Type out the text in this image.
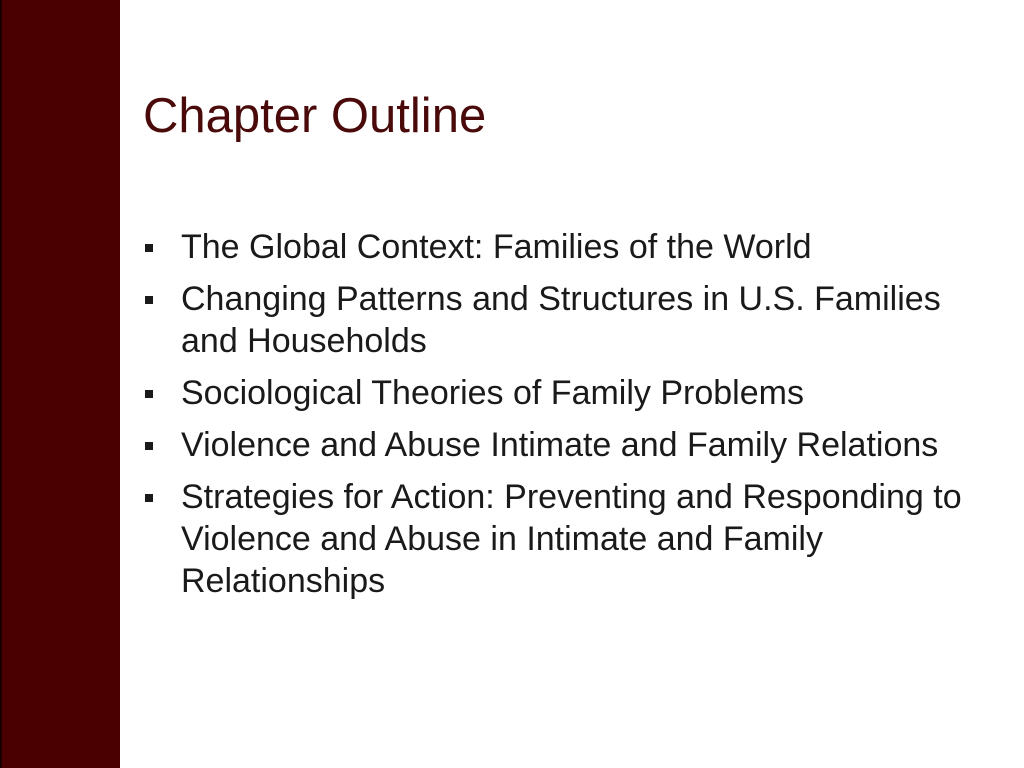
Chapter Outline
The Global Context: Families of the World
Changing Patterns and Structures in U.S. Families and Households
Sociological Theories of Family Problems
Violence and Abuse Intimate and Family Relations
Strategies for Action: Preventing and Responding to Violence and Abuse in Intimate and Family Relationships
